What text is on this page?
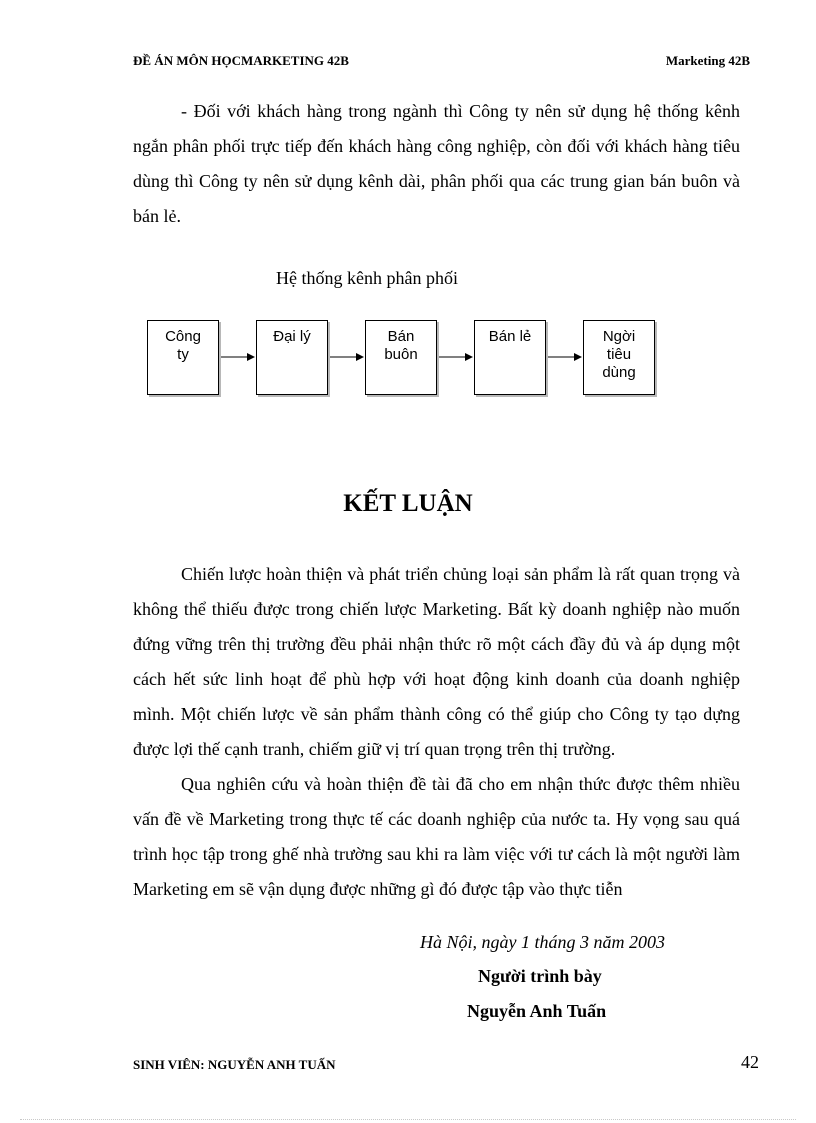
ĐỀ ÁN MÔN HỌCMARKETING 42B	Marketing 42B
- Đối với khách hàng trong ngành thì Công ty nên sử dụng hệ thống kênh ngắn phân phối trực tiếp đến khách hàng công nghiệp, còn đối với khách hàng tiêu dùng thì Công ty nên sử dụng kênh dài, phân phối qua các trung gian bán buôn và bán lẻ.
Hệ thống kênh phân phối
Công
ty
Đại lý	Bán
buôn
Bán lẻ	Ngời
tiêu
dùng
KẾT LUẬN

Chiến lược hoàn thiện và phát triển chủng loại sản phẩm là rất quan trọng và không thể thiếu được trong chiến lược Marketing. Bất kỳ doanh nghiệp nào muốn đứng vững trên thị trường đều phải nhận thức rõ một cách đầy đủ và áp dụng một cách hết sức linh hoạt để phù hợp với hoạt động kinh doanh của doanh nghiệp mình. Một chiến lược về sản phẩm thành công có thể giúp cho Công ty tạo dựng được lợi thế cạnh tranh, chiếm giữ vị trí quan trọng trên thị trường.

Qua nghiên cứu và hoàn thiện đề tài đã cho em nhận thức được thêm nhiều vấn đề về Marketing trong thực tế các doanh nghiệp của nước ta. Hy vọng sau quá trình học tập trong ghế nhà trường sau khi ra làm việc với tư cách là một người làm Marketing em sẽ vận dụng được những gì đó được tập vào thực tiễn

Hà Nội, ngày 1 tháng 3 năm 2003
Người trình bày
Nguyễn Anh Tuấn
SINH VIÊN: NGUYỄN ANH TUẤN	42
